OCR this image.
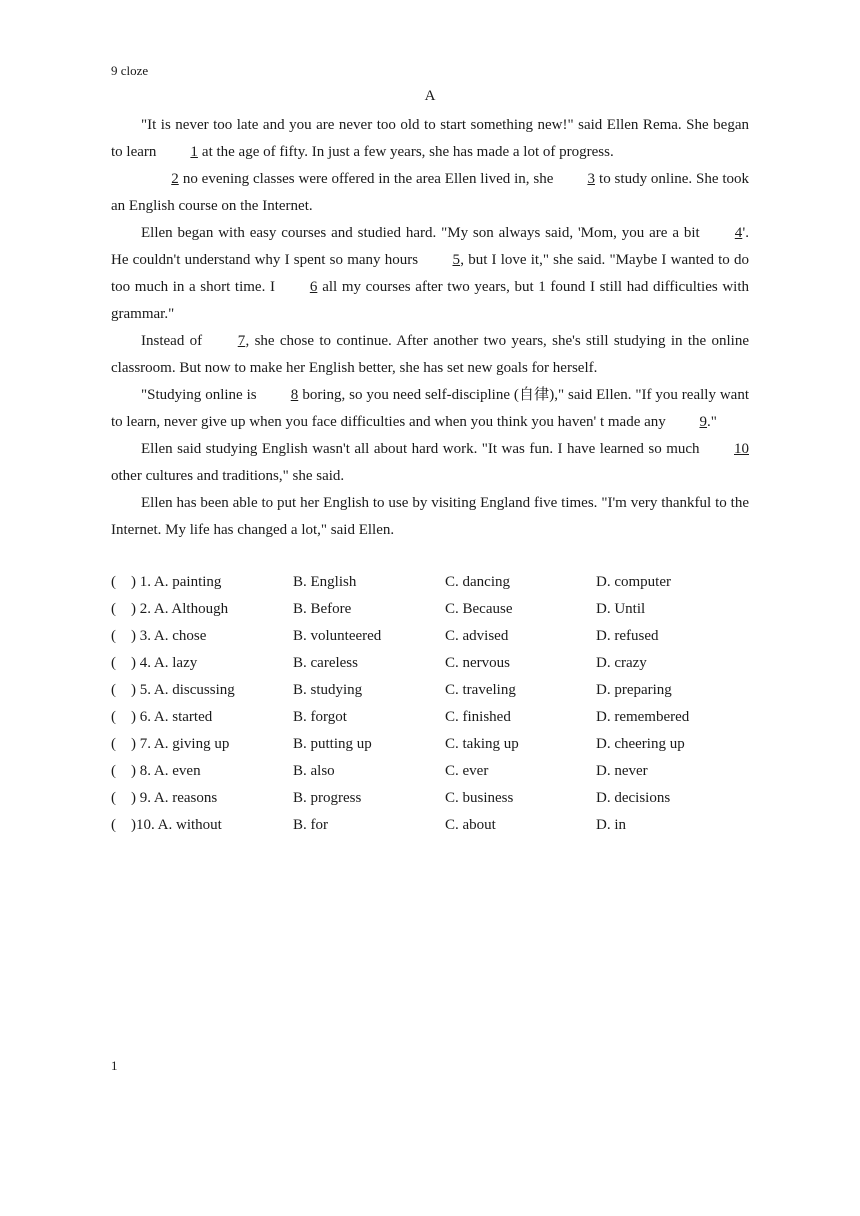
9 cloze
A

"It is never too late and you are never too old to start something new!" said Ellen Rema. She began to learn 1 at the age of fifty. In just a few years, she has made a lot of progress.

2 no evening classes were offered in the area Ellen lived in, she 3 to study online. She took an English course on the Internet.

Ellen began with easy courses and studied hard. "My son always said, 'Mom, you are a bit 4'. He couldn't understand why I spent so many hours 5, but I love it," she said. "Maybe I wanted to do too much in a short time. I 6 all my courses after two years, but 1 found I still had difficulties with grammar."

Instead of 7, she chose to continue. After another two years, she's still studying in the online classroom. But now to make her English better, she has set new goals for herself.

"Studying online is 8 boring, so you need self-discipline (自律)," said Ellen. "If you really want to learn, never give up when you face difficulties and when you think you haven' t made any 9."

Ellen said studying English wasn't all about hard work. "It was fun. I have learned so much 10 other cultures and traditions," she said.

Ellen has been able to put her English to use by visiting England five times. "I'm very thankful to the Internet. My life has changed a lot," said Ellen.

( ) 1. A. painting	B. English	C. dancing	D. computer
( ) 2. A. Although	B. Before	C. Because	D. Until
( ) 3. A. chose	B. volunteered	C. advised	D. refused
( ) 4. A. lazy	B. careless	C. nervous	D. crazy
( ) 5. A. discussing	B. studying	C. traveling	D. preparing
( ) 6. A. started	B. forgot	C. finished	D. remembered
( ) 7. A. giving up	B. putting up	C. taking up	D. cheering up
( ) 8. A. even	B. also	C. ever	D. never
( ) 9. A. reasons	B. progress	C. business	D. decisions
( )10. A. without	B. for	C. about	D. in
1
